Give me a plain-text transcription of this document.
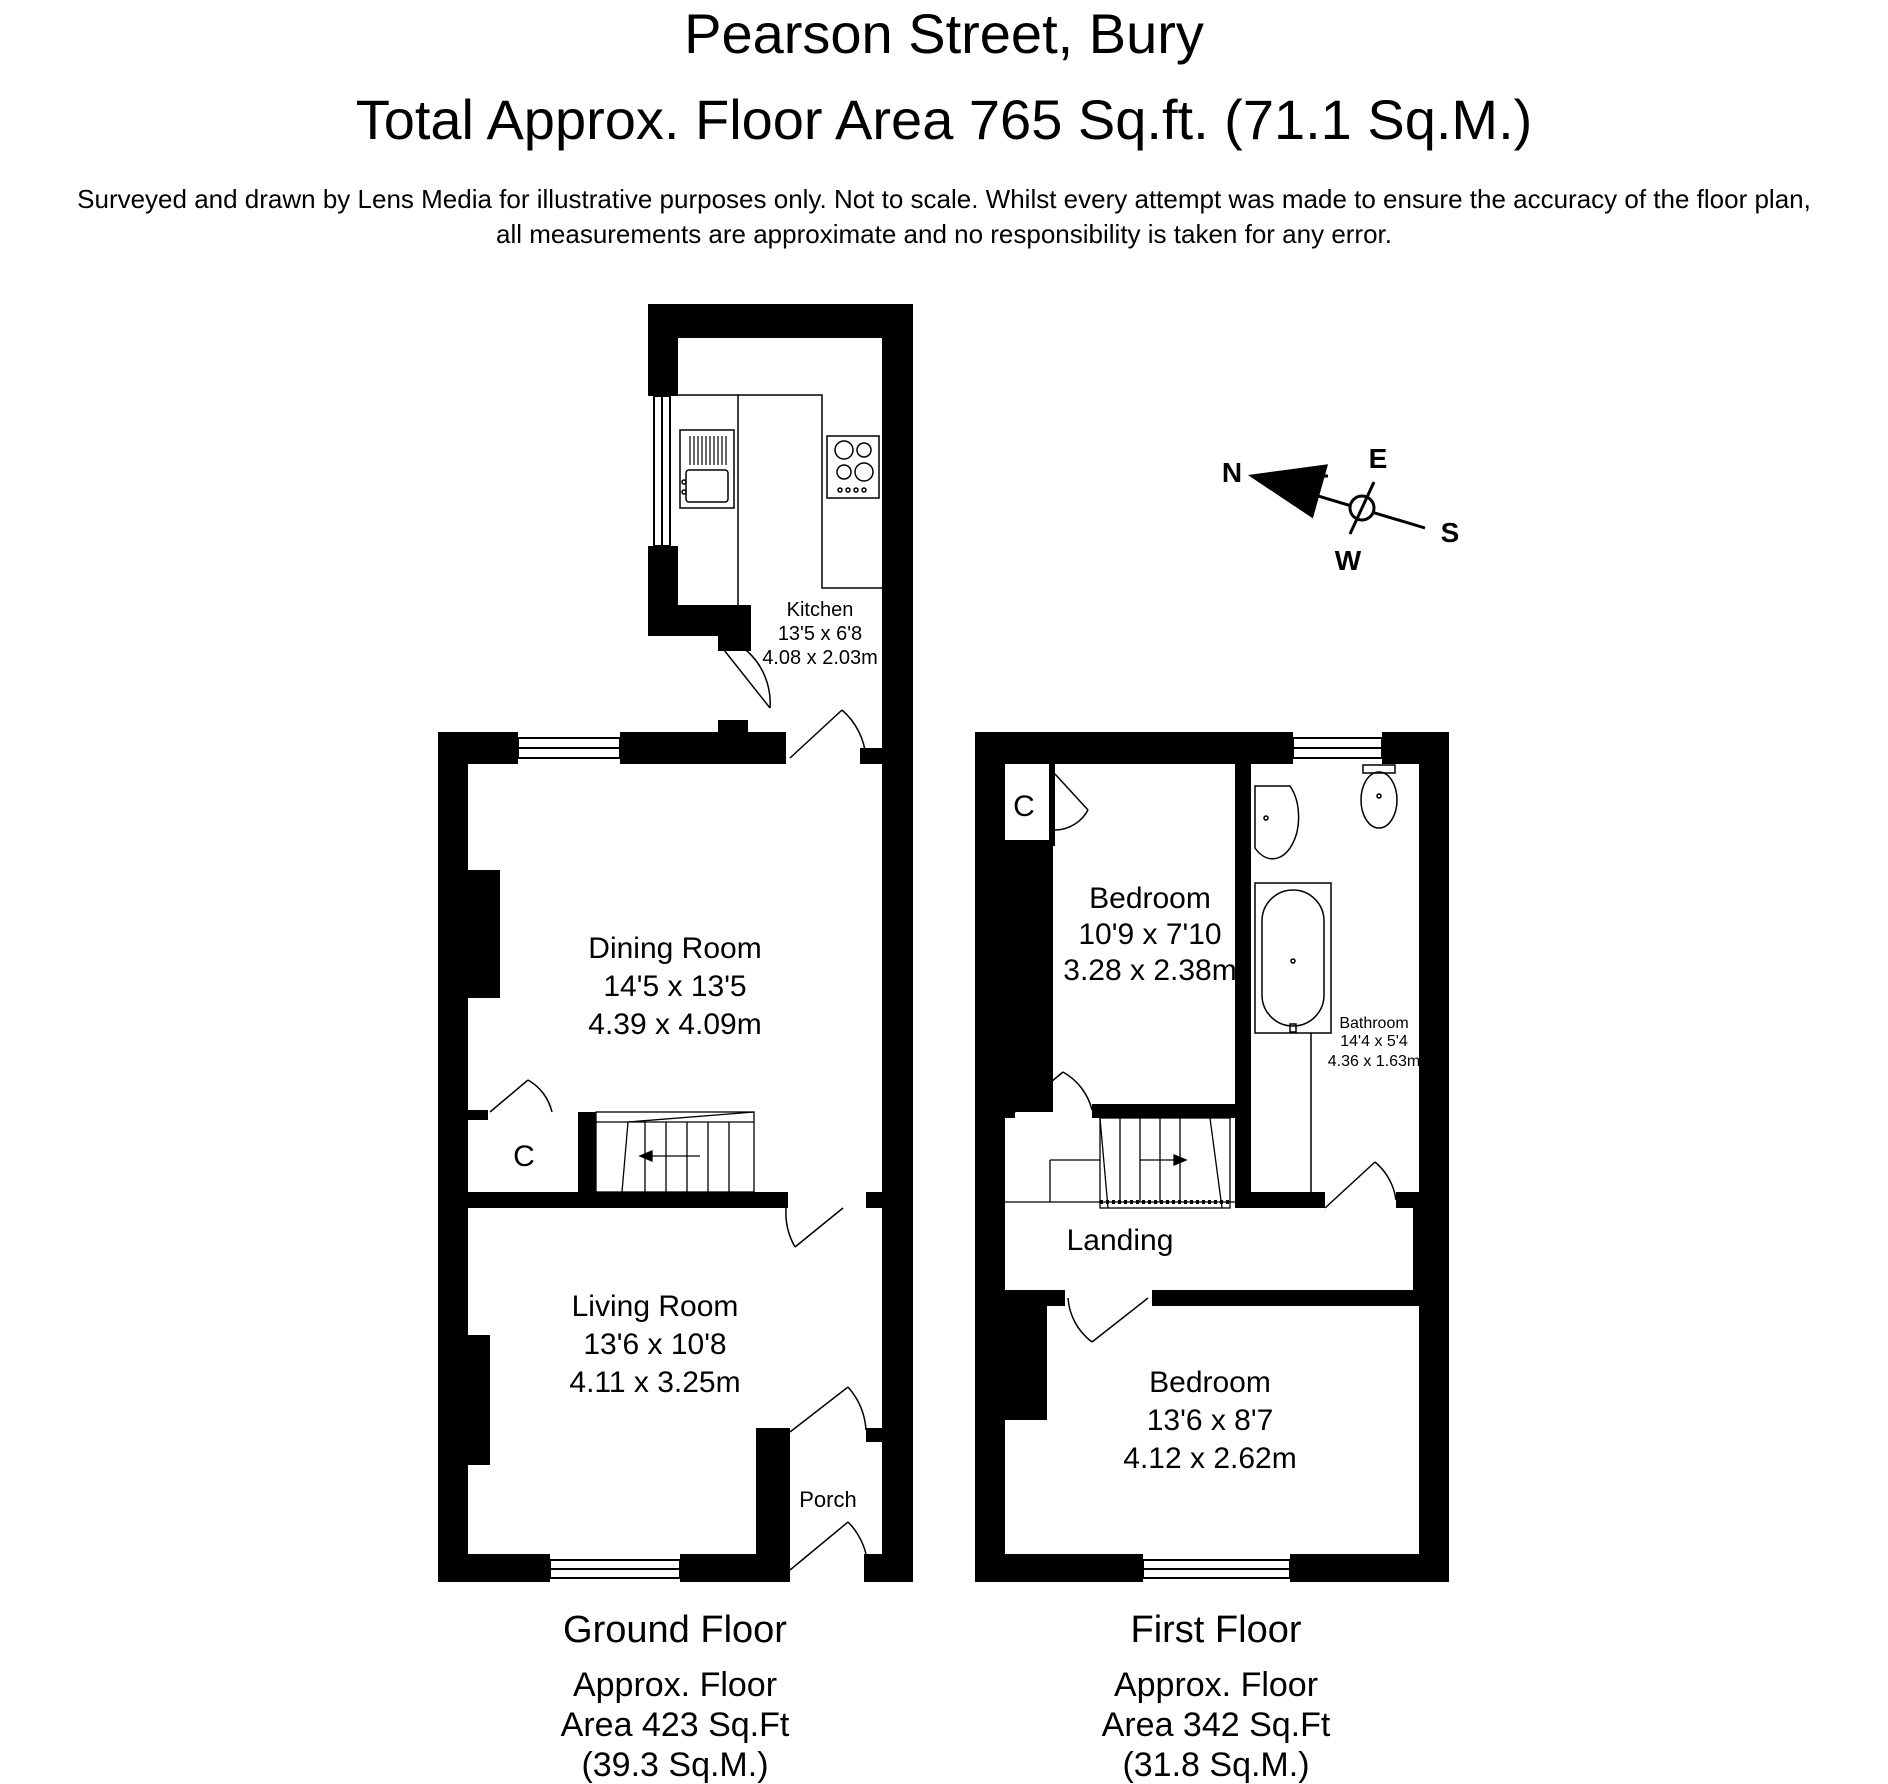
Pearson Street, Bury
Total Approx. Floor Area 765 Sq.ft. (71.1 Sq.M.)
Surveyed and drawn by Lens Media for illustrative purposes only. Not to scale. Whilst every attempt was made to ensure the accuracy of the floor plan,
all measurements are approximate and no responsibility is taken for any error.
N	E
S
W
Kitchen
13'5 x 6'8
4.08 x 2.03m
Dining Room
14'5 x 13'5
4.39 x 4.09m
C
Living Room
13'6 x 10'8
4.11 x 3.25m
Porch
C
Bedroom
10'9 x 7'10
3.28 x 2.38m
Bathroom
14'4 x 5'4
4.36 x 1.63m
Landing
Bedroom
13'6 x 8'7
4.12 x 2.62m
Ground Floor
Approx. Floor
Area 423 Sq.Ft
(39.3 Sq.M.)
First Floor
Approx. Floor
Area 342 Sq.Ft
(31.8 Sq.M.)
